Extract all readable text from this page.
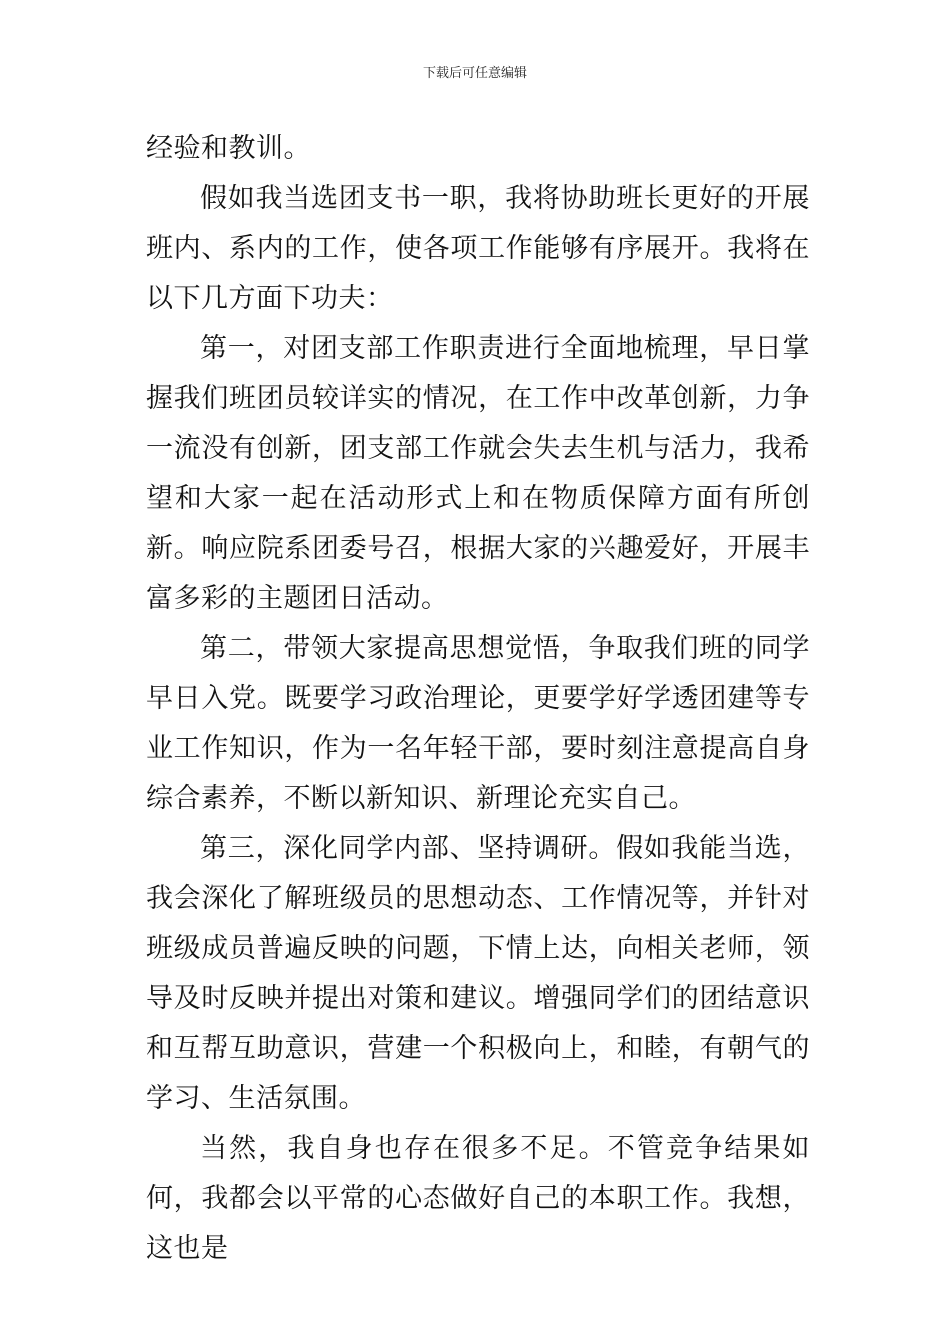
下载后可任意编辑

经验和教训。

假如我当选团支书一职，我将协助班长更好的开展班内、系内的工作，使各项工作能够有序展开。我将在以下几方面下功夫：

第一，对团支部工作职责进行全面地梳理，早日掌握我们班团员较详实的情况，在工作中改革创新，力争一流没有创新，团支部工作就会失去生机与活力，我希望和大家一起在活动形式上和在物质保障方面有所创新。响应院系团委号召，根据大家的兴趣爱好，开展丰富多彩的主题团日活动。

第二，带领大家提高思想觉悟，争取我们班的同学早日入党。既要学习政治理论，更要学好学透团建等专业工作知识，作为一名年轻干部，要时刻注意提高自身综合素养，不断以新知识、新理论充实自己。

第三，深化同学内部、坚持调研。假如我能当选，我会深化了解班级员的思想动态、工作情况等，并针对班级成员普遍反映的问题，下情上达，向相关老师，领导及时反映并提出对策和建议。增强同学们的团结意识和互帮互助意识，营建一个积极向上，和睦，有朝气的学习、生活氛围。

当然，我自身也存在很多不足。不管竞争结果如何，我都会以平常的心态做好自己的本职工作。我想，这也是
